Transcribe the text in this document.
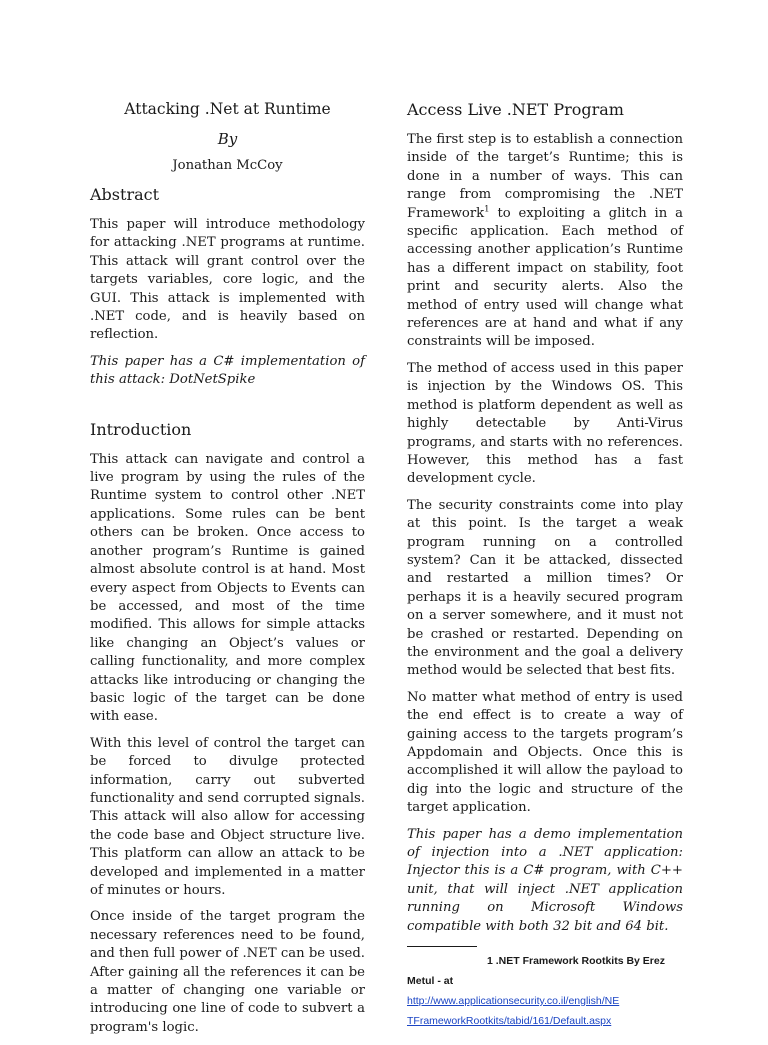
Attacking .Net at Runtime
By
Jonathan McCoy
Abstract

This paper will introduce methodology for attacking .NET programs at runtime. This attack will grant control over the targets variables, core logic, and the GUI. This attack is implemented with .NET code, and is heavily based on reflection.

This paper has a C# implementation of this attack: DotNetSpike

Introduction

This attack can navigate and control a live program by using the rules of the Runtime system to control other .NET applications. Some rules can be bent others can be broken. Once access to another program’s Runtime is gained almost absolute control is at hand. Most every aspect from Objects to Events can be accessed, and most of the time modified. This allows for simple attacks like changing an Object’s values or calling functionality, and more complex attacks like introducing or changing the basic logic of the target can be done with ease.

With this level of control the target can be forced to divulge protected information, carry out subverted functionality and send corrupted signals. This attack will also allow for accessing the code base and Object structure live. This platform can allow an attack to be developed and implemented in a matter of minutes or hours.

Once inside of the target program the necessary references need to be found, and then full power of .NET can be used. After gaining all the references it can be a matter of changing one variable or introducing one line of code to subvert a program's logic.

Access Live .NET Program

The first step is to establish a connection inside of the target’s Runtime; this is done in a number of ways. This can range from compromising the .NET Framework$^1$ to exploiting a glitch in a specific application. Each method of accessing another application’s Runtime has a different impact on stability, foot print and security alerts. Also the method of entry used will change what references are at hand and what if any constraints will be imposed.

The method of access used in this paper is injection by the Windows OS. This method is platform dependent as well as highly detectable by Anti-Virus programs, and starts with no references. However, this method has a fast development cycle.

The security constraints come into play at this point. Is the target a weak program running on a controlled system? Can it be attacked, dissected and restarted a million times? Or perhaps it is a heavily secured program on a server somewhere, and it must not be crashed or restarted. Depending on the environment and the goal a delivery method would be selected that best fits.

No matter what method of entry is used the end effect is to create a way of gaining access to the targets program’s Appdomain and Objects. Once this is accomplished it will allow the payload to dig into the logic and structure of the target application.

This paper has a demo implementation of injection into a .NET application: Injector this is a C# program, with C++ unit, that will inject .NET application running on Microsoft Windows compatible with both 32 bit and 64 bit.

1 .NET Framework Rootkits By Erez
Metul - at
http://www.applicationsecurity.co.il/english/NE
TFrameworkRootkits/tabid/161/Default.aspx
